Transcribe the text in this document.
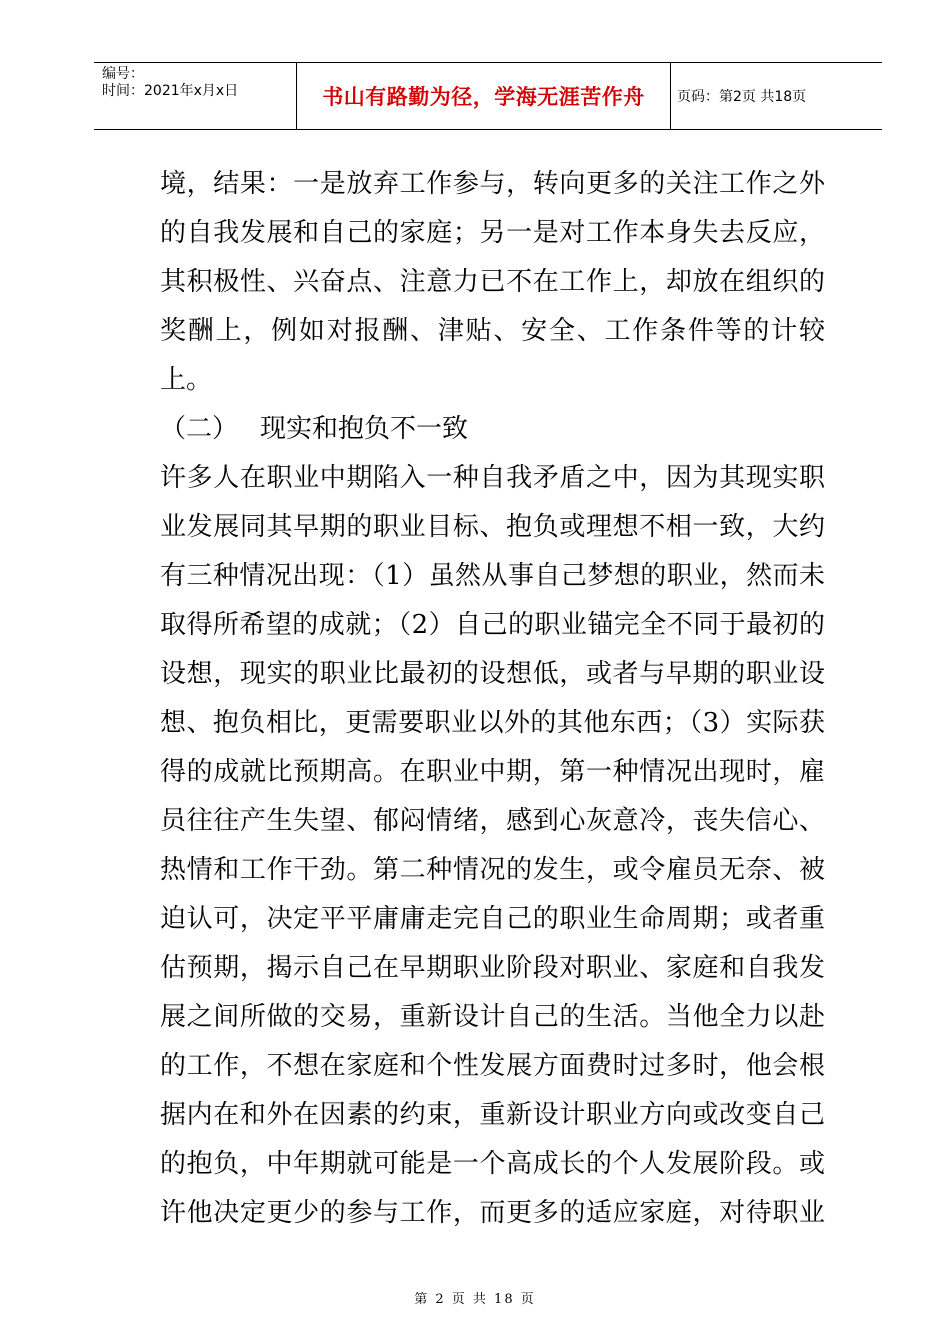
编号：
时间：2021年x月x日	书山有路勤为径，学海无涯苦作舟 页码：第2页 共18页
境，结果：一是放弃工作参与，转向更多的关注工作之外
的自我发展和自己的家庭；另一是对工作本身失去反应，
其积极性、兴奋点、注意力已不在工作上，却放在组织的
奖酬上，例如对报酬、津贴、安全、工作条件等的计较
上。
（二） 现实和抱负不一致
许多人在职业中期陷入一种自我矛盾之中，因为其现实职
业发展同其早期的职业目标、抱负或理想不相一致，大约
有三种情况出现：（1）虽然从事自己梦想的职业，然而未
取得所希望的成就；（2）自己的职业锚完全不同于最初的
设想，现实的职业比最初的设想低，或者与早期的职业设
想、抱负相比，更需要职业以外的其他东西；（3）实际获
得的成就比预期高。在职业中期，第一种情况出现时，雇
员往往产生失望、郁闷情绪，感到心灰意冷，丧失信心、
热情和工作干劲。第二种情况的发生，或令雇员无奈、被
迫认可，决定平平庸庸走完自己的职业生命周期；或者重
估预期，揭示自己在早期职业阶段对职业、家庭和自我发
展之间所做的交易，重新设计自己的生活。当他全力以赴
的工作，不想在家庭和个性发展方面费时过多时，他会根
据内在和外在因素的约束，重新设计职业方向或改变自己
的抱负，中年期就可能是一个高成长的个人发展阶段。或
许他决定更少的参与工作，而更多的适应家庭，对待职业
第 2 页 共 18 页
